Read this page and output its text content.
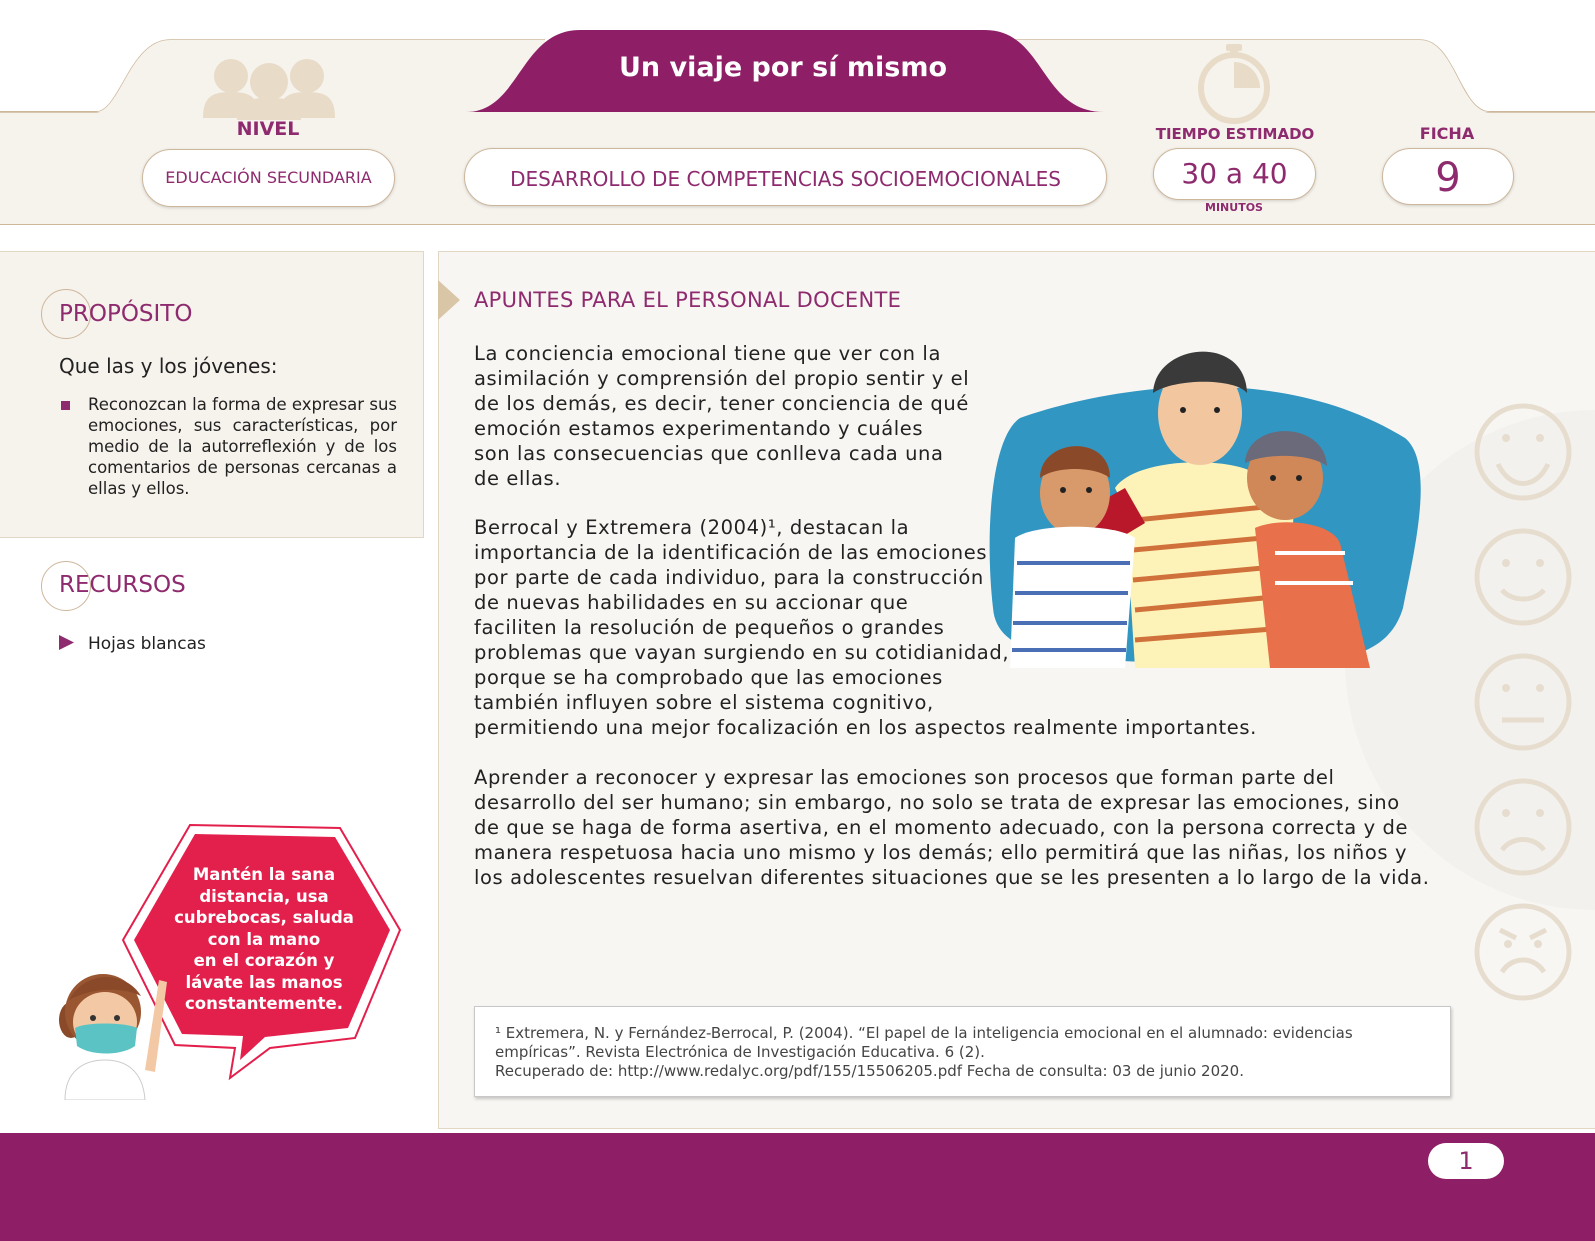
Un viaje por sí mismo
NIVEL
EDUCACIÓN SECUNDARIA	DESARROLLO DE COMPETENCIAS SOCIOEMOCIONALES
TIEMPO ESTIMADO
30 a 40
MINUTOS
FICHA
9
PROPÓSITO
Que las y los jóvenes:
Reconozcan la forma de expresar sus emociones, sus características, por medio de la autorreflexión y de los comentarios de personas cercanas a ellas y ellos.
RECURSOS
Hojas blancas
Mantén la sana
distancia, usa
cubrebocas, saluda
con la mano
en el corazón y
lávate las manos
constantemente.
APUNTES PARA EL PERSONAL DOCENTE
La conciencia emocional tiene que ver con la
asimilación y comprensión del propio sentir y el
de los demás, es decir, tener conciencia de qué
emoción estamos experimentando y cuáles
son las consecuencias que conlleva cada una
de ellas.
Berrocal y Extremera (2004)¹, destacan la
importancia de la identificación de las emociones
por parte de cada individuo, para la construcción
de nuevas habilidades en su accionar que
faciliten la resolución de pequeños o grandes
problemas que vayan surgiendo en su cotidianidad,
porque se ha comprobado que las emociones
también influyen sobre el sistema cognitivo,
permitiendo una mejor focalización en los aspectos realmente importantes.
Aprender a reconocer y expresar las emociones son procesos que forman parte del
desarrollo del ser humano; sin embargo, no solo se trata de expresar las emociones, sino
de que se haga de forma asertiva, en el momento adecuado, con la persona correcta y de
manera respetuosa hacia uno mismo y los demás; ello permitirá que las niñas, los niños y
los adolescentes resuelvan diferentes situaciones que se les presenten a lo largo de la vida.
¹ Extremera, N. y Fernández-Berrocal, P. (2004). “El papel de la inteligencia emocional en el alumnado: evidencias
empíricas”. Revista Electrónica de Investigación Educativa. 6 (2).
Recuperado de: http://www.redalyc.org/pdf/155/15506205.pdf Fecha de consulta: 03 de junio 2020.
1
